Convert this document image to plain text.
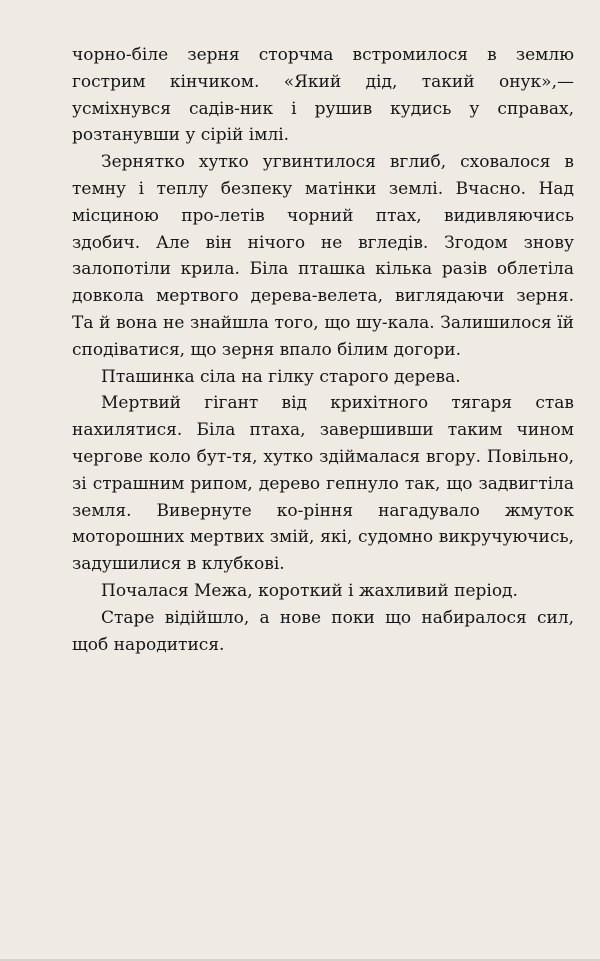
чорно-біле зерня сторчма встромилося в землю гострим кінчиком. «Який дід, такий онук»,— усміхнувся садів-ник і рушив кудись у справах, розтанувши у сірій імлі.

Зернятко хутко угвинтилося вглиб, сховалося в темну і теплу безпеку матінки землі. Вчасно. Над місциною про-летів чорний птах, видивляючись здобич. Але він нічого не вгледів. Згодом знову залопотіли крила. Біла пташка кілька разів облетіла довкола мертвого дерева-велета, виглядаючи зерня. Та й вона не знайшла того, що шу-кала. Залишилося їй сподіватися, що зерня впало білим догори.

Пташинка сіла на гілку старого дерева.

Мертвий гігант від крихітного тягаря став нахилятися. Біла птаха, завершивши таким чином чергове коло бут-тя, хутко здіймалася вгору. Повільно, зі страшним рипом, дерево гепнуло так, що задвигтіла земля. Вивернуте ко-ріння нагадувало жмуток моторошних мертвих змій, які, судомно викручуючись, задушилися в клубкові.

Почалася Межа, короткий і жахливий період.

Старе відійшло, а нове поки що набиралося сил, щоб народитися.
